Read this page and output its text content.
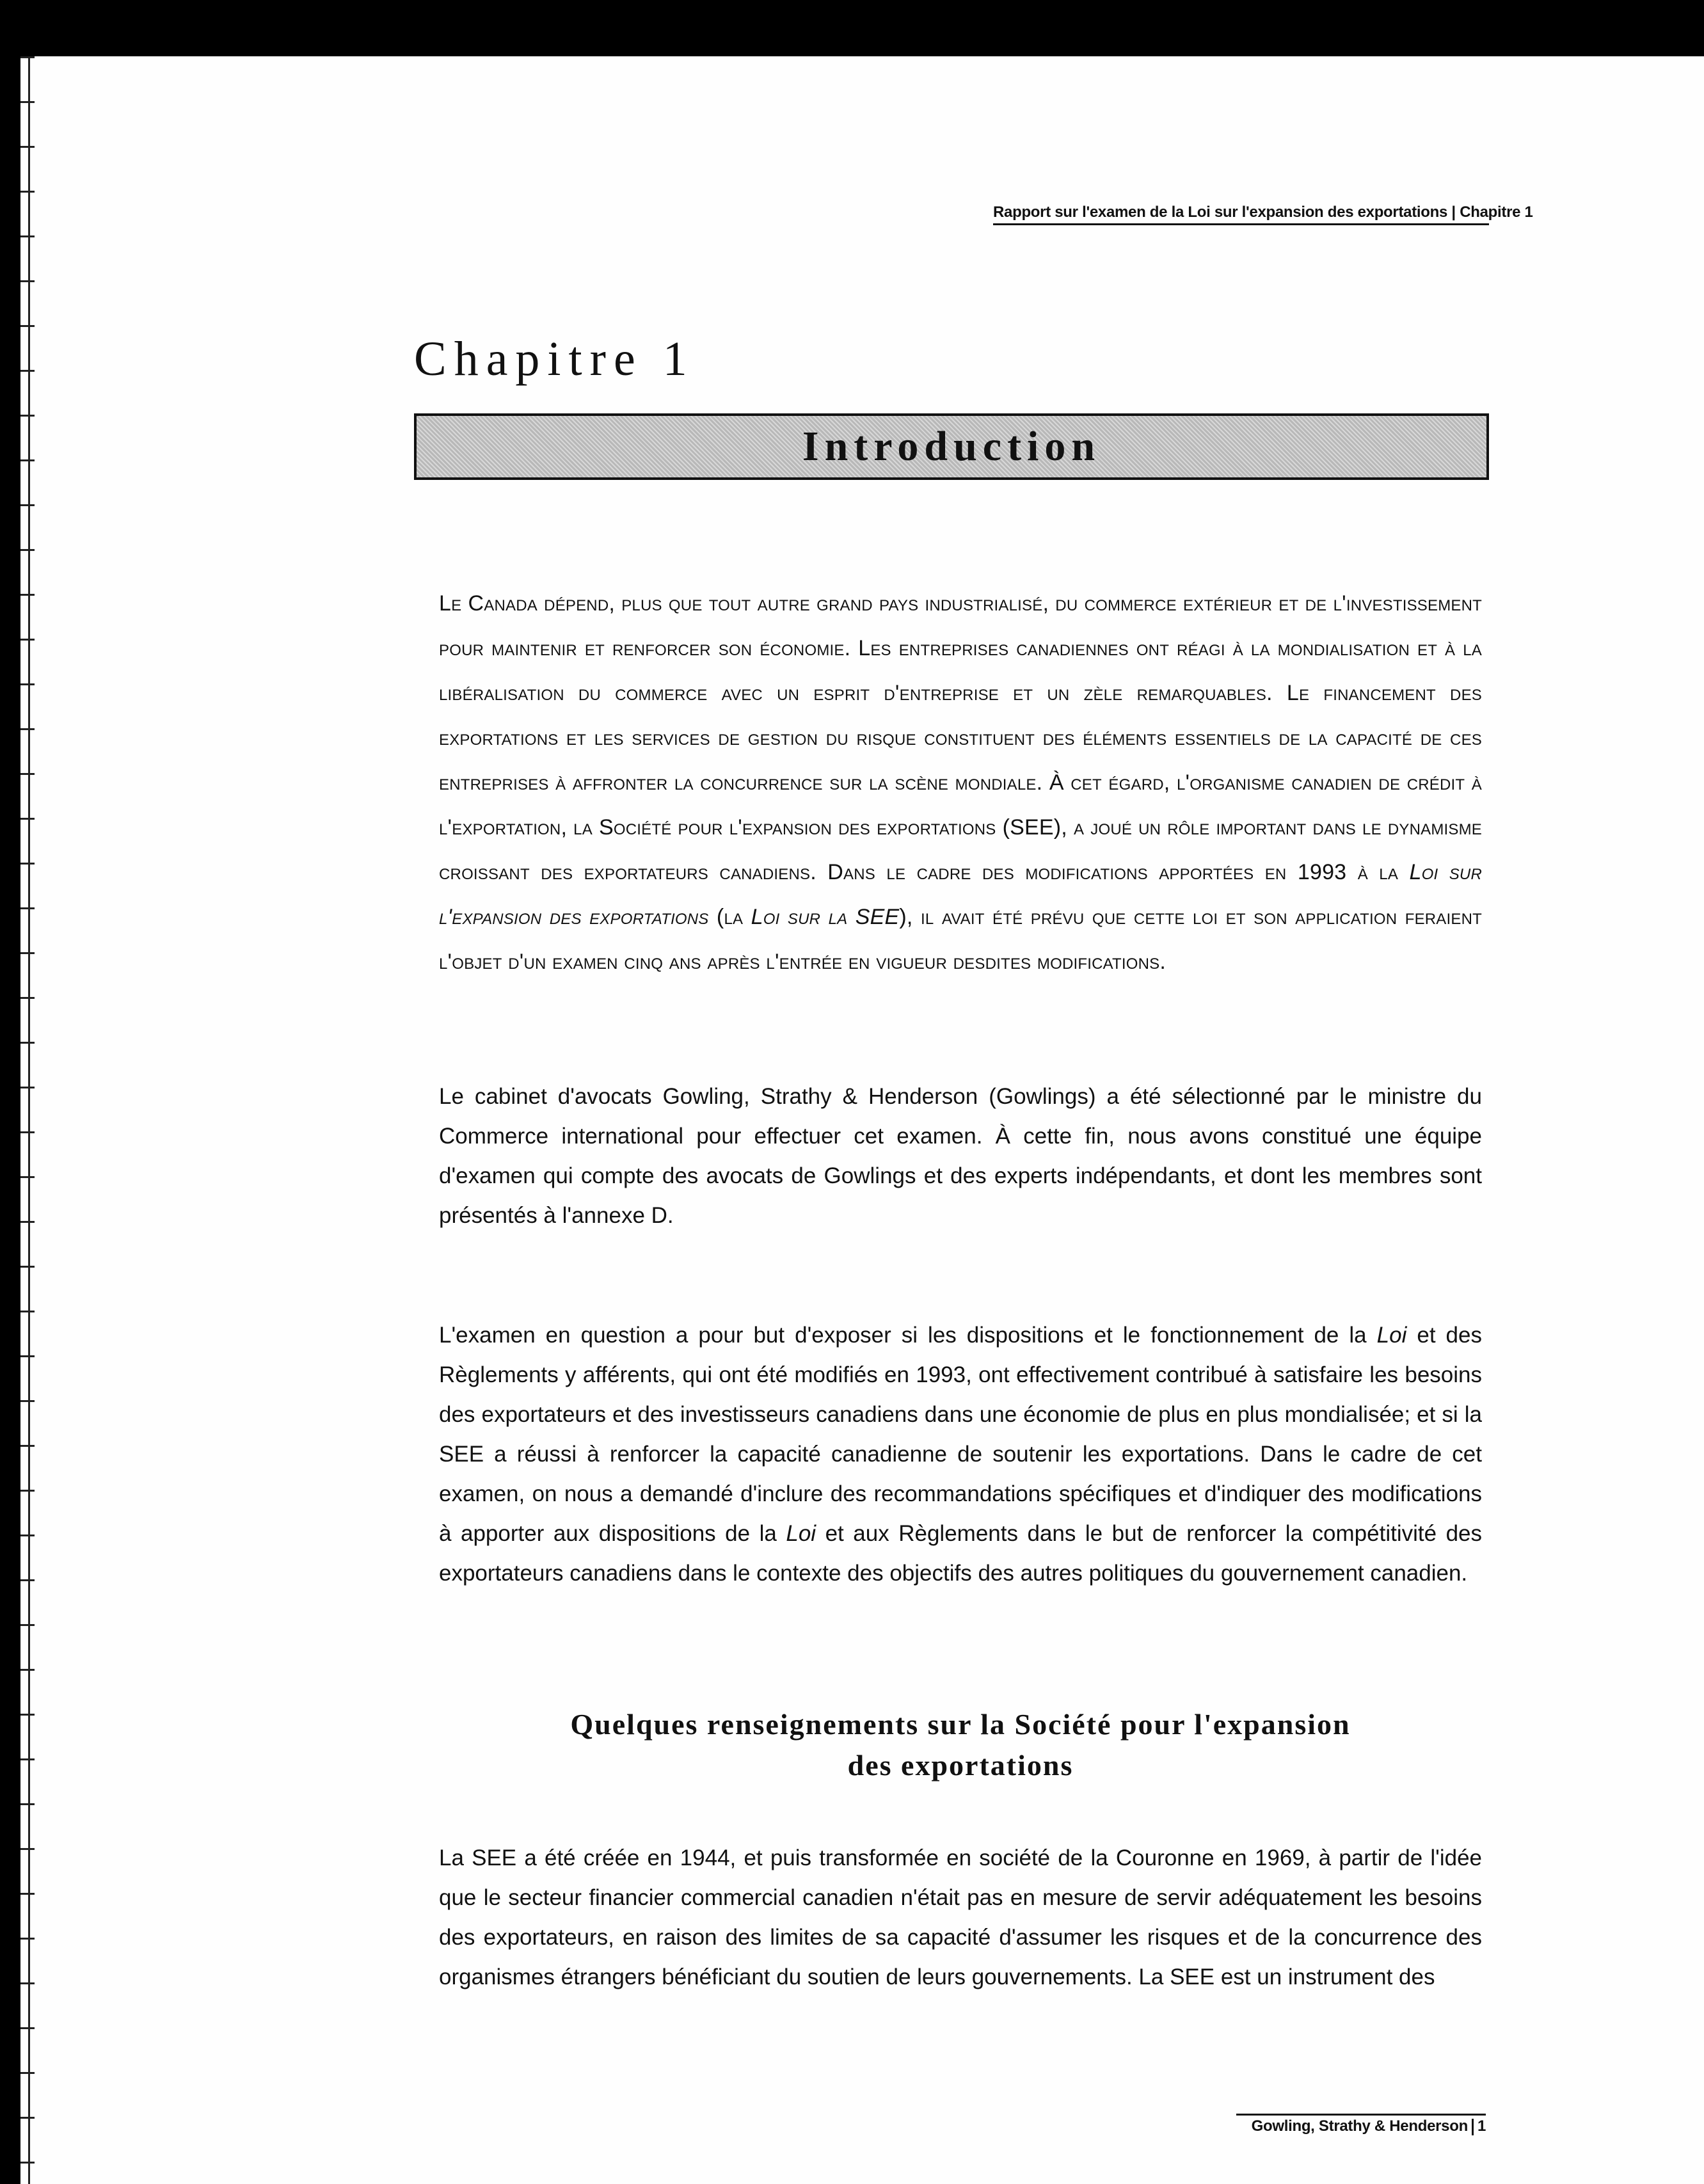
Rapport sur l'examen de la Loi sur l'expansion des exportations | Chapitre 1
Chapitre 1
Introduction

Le Canada dépend, plus que tout autre grand pays industrialisé, du commerce extérieur et de l'investissement pour maintenir et renforcer son économie. Les entreprises canadiennes ont réagi à la mondialisation et à la libéralisation du commerce avec un esprit d'entreprise et un zèle remarquables. Le financement des exportations et les services de gestion du risque constituent des éléments essentiels de la capacité de ces entreprises à affronter la concurrence sur la scène mondiale. À cet égard, l'organisme canadien de crédit à l'exportation, la Société pour l'expansion des exportations (SEE), a joué un rôle important dans le dynamisme croissant des exportateurs canadiens. Dans le cadre des modifications apportées en 1993 à la Loi sur l'expansion des exportations (la Loi sur la SEE), il avait été prévu que cette loi et son application feraient l'objet d'un examen cinq ans après l'entrée en vigueur desdites modifications.

Le cabinet d'avocats Gowling, Strathy & Henderson (Gowlings) a été sélectionné par le ministre du Commerce international pour effectuer cet examen. À cette fin, nous avons constitué une équipe d'examen qui compte des avocats de Gowlings et des experts indépendants, et dont les membres sont présentés à l'annexe D.

L'examen en question a pour but d'exposer si les dispositions et le fonctionnement de la Loi et des Règlements y afférents, qui ont été modifiés en 1993, ont effectivement contribué à satisfaire les besoins des exportateurs et des investisseurs canadiens dans une économie de plus en plus mondialisée; et si la SEE a réussi à renforcer la capacité canadienne de soutenir les exportations. Dans le cadre de cet examen, on nous a demandé d'inclure des recommandations spécifiques et d'indiquer des modifications à apporter aux dispositions de la Loi et aux Règlements dans le but de renforcer la compétitivité des exportateurs canadiens dans le contexte des objectifs des autres politiques du gouvernement canadien.

Quelques renseignements sur la Société pour l'expansion
des exportations

La SEE a été créée en 1944, et puis transformée en société de la Couronne en 1969, à partir de l'idée que le secteur financier commercial canadien n'était pas en mesure de servir adéquatement les besoins des exportateurs, en raison des limites de sa capacité d'assumer les risques et de la concurrence des organismes étrangers bénéficiant du soutien de leurs gouvernements. La SEE est un instrument des

Gowling, Strathy & Henderson 1
